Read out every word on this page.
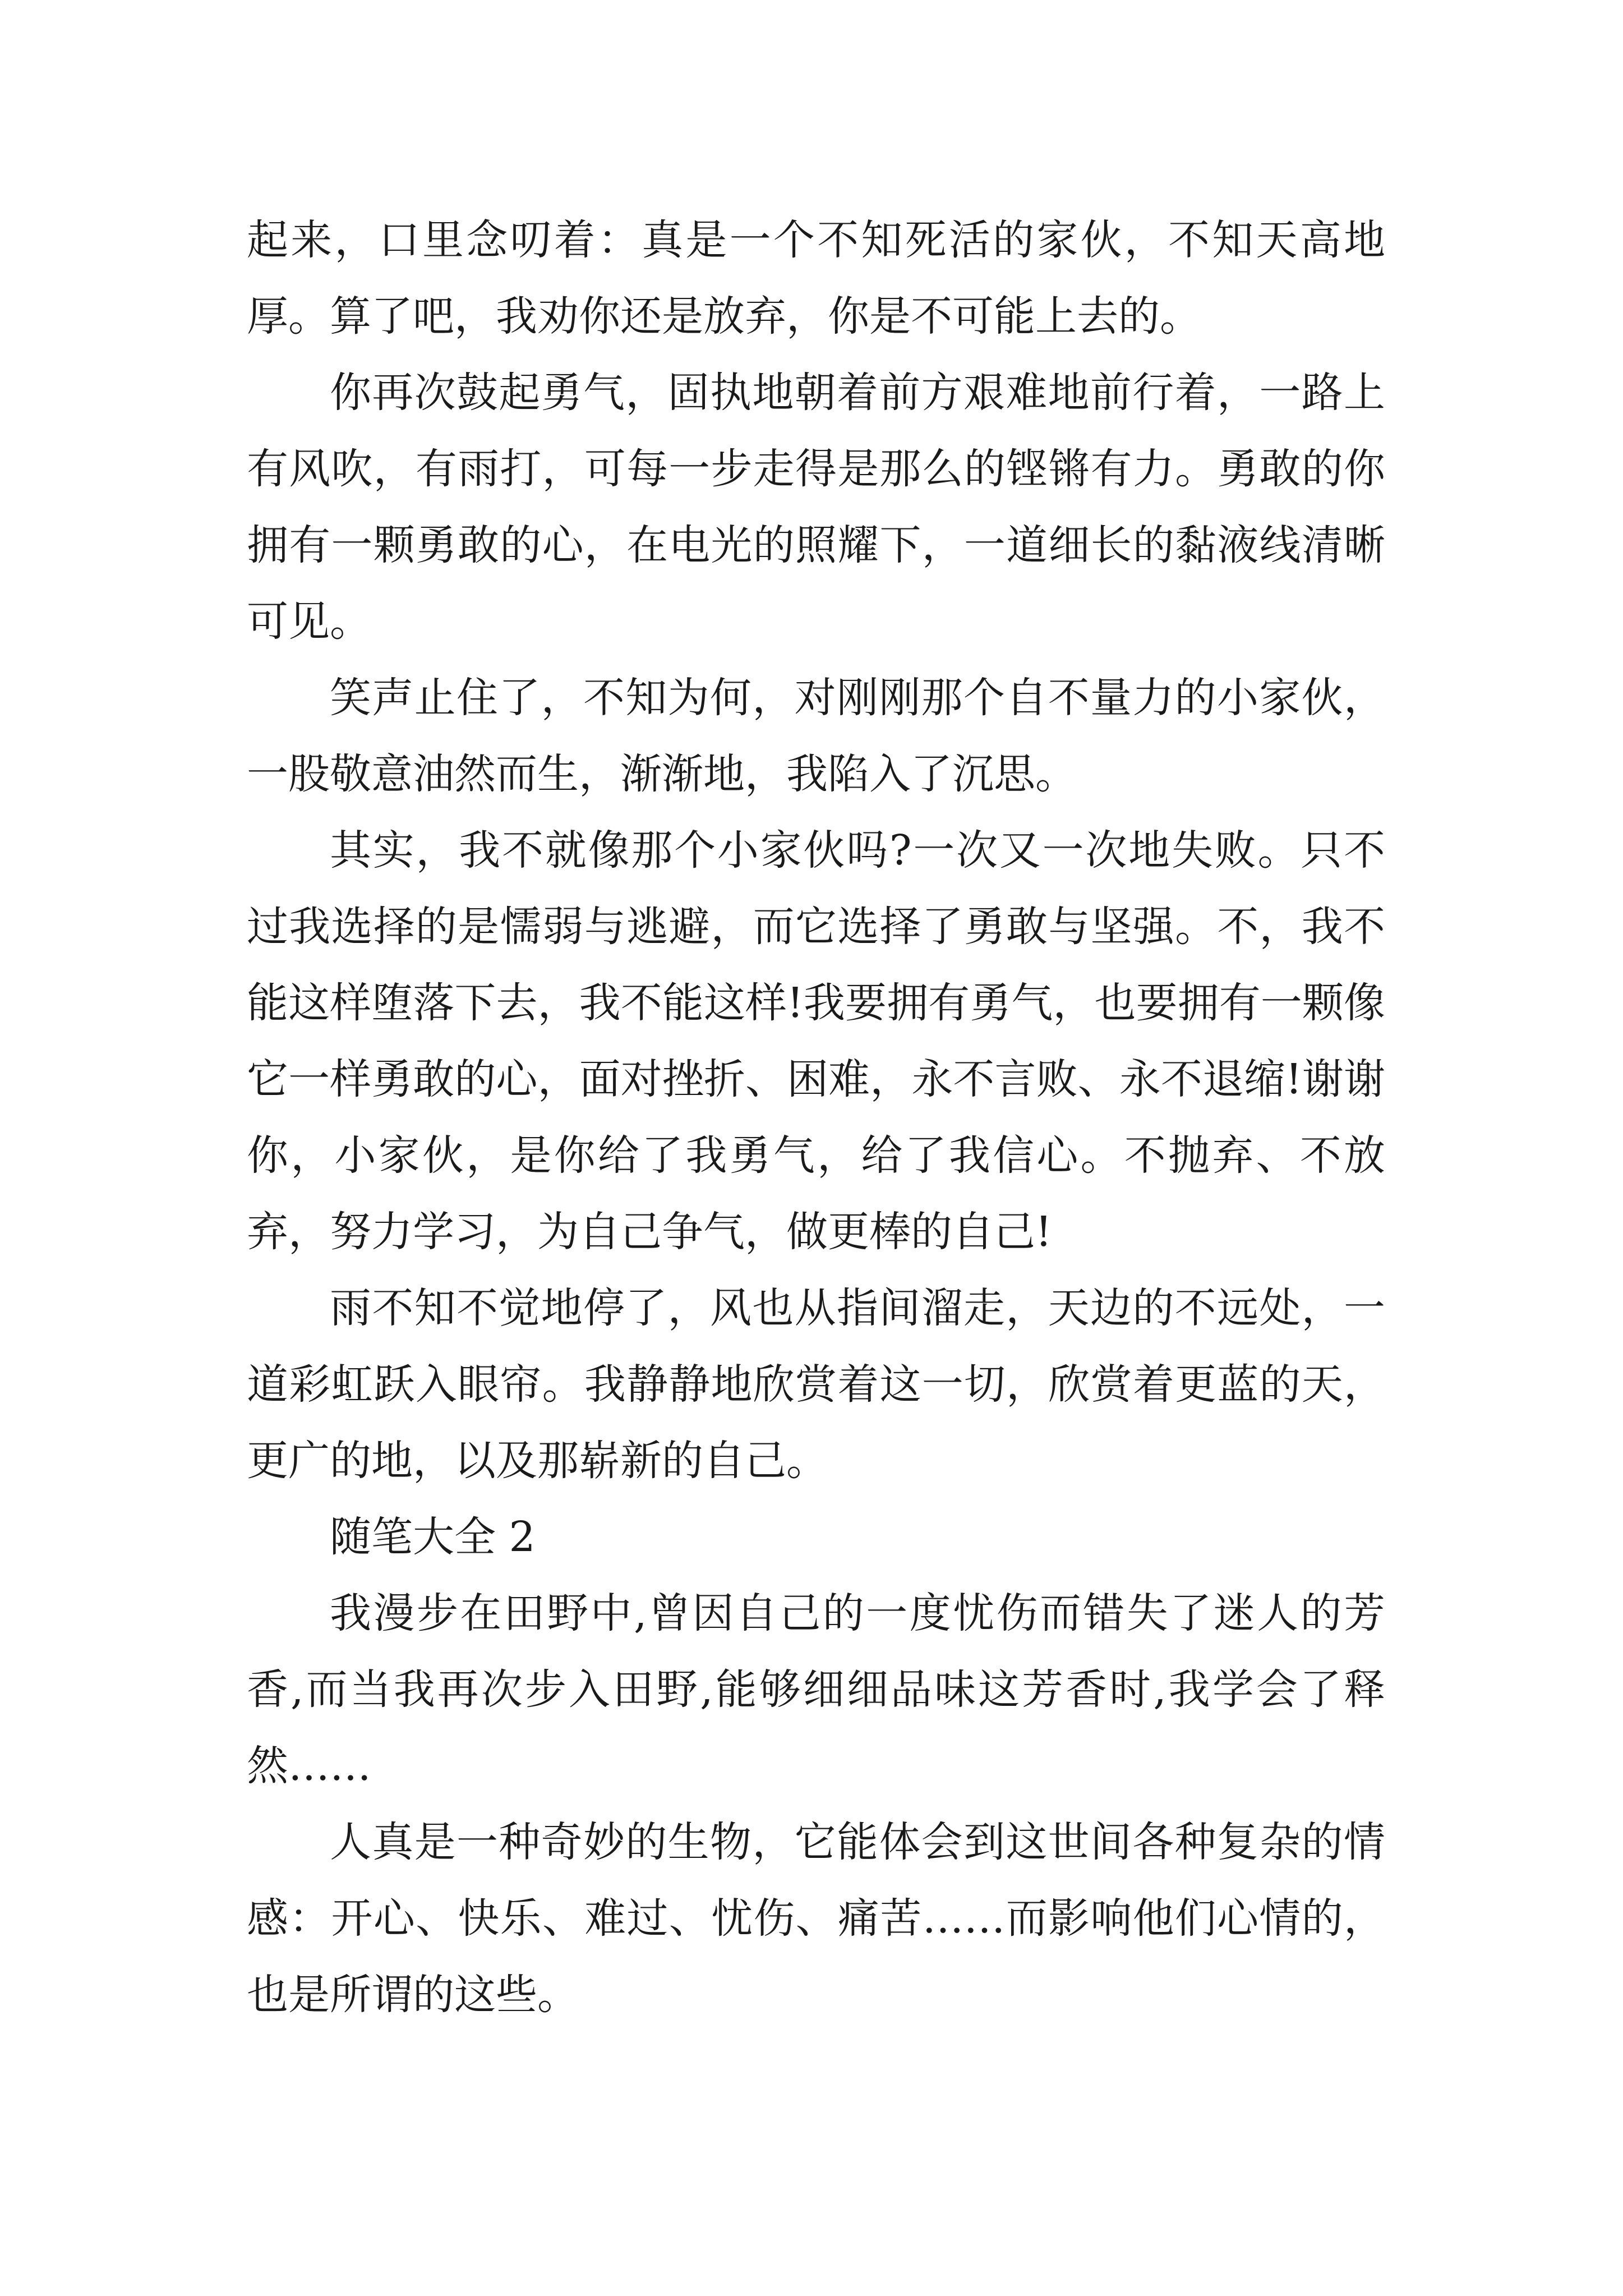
起来，口里念叨着：真是一个不知死活的家伙，不知天高地厚。算了吧，我劝你还是放弃，你是不可能上去的。

你再次鼓起勇气，固执地朝着前方艰难地前行着，一路上有风吹，有雨打，可每一步走得是那么的铿锵有力。勇敢的你拥有一颗勇敢的心，在电光的照耀下，一道细长的黏液线清晰可见。

笑声止住了，不知为何，对刚刚那个自不量力的小家伙，一股敬意油然而生，渐渐地，我陷入了沉思。

其实，我不就像那个小家伙吗?一次又一次地失败。只不过我选择的是懦弱与逃避，而它选择了勇敢与坚强。不，我不能这样堕落下去，我不能这样!我要拥有勇气，也要拥有一颗像它一样勇敢的心，面对挫折、困难，永不言败、永不退缩!谢谢你，小家伙，是你给了我勇气，给了我信心。不抛弃、不放弃，努力学习，为自己争气，做更棒的自己!

雨不知不觉地停了，风也从指间溜走，天边的不远处，一道彩虹跃入眼帘。我静静地欣赏着这一切，欣赏着更蓝的天，更广的地，以及那崭新的自己。

随笔大全 2

我漫步在田野中,曾因自己的一度忧伤而错失了迷人的芳香,而当我再次步入田野,能够细细品味这芳香时,我学会了释然……

人真是一种奇妙的生物，它能体会到这世间各种复杂的情感：开心、快乐、难过、忧伤、痛苦……而影响他们心情的，也是所谓的这些。
